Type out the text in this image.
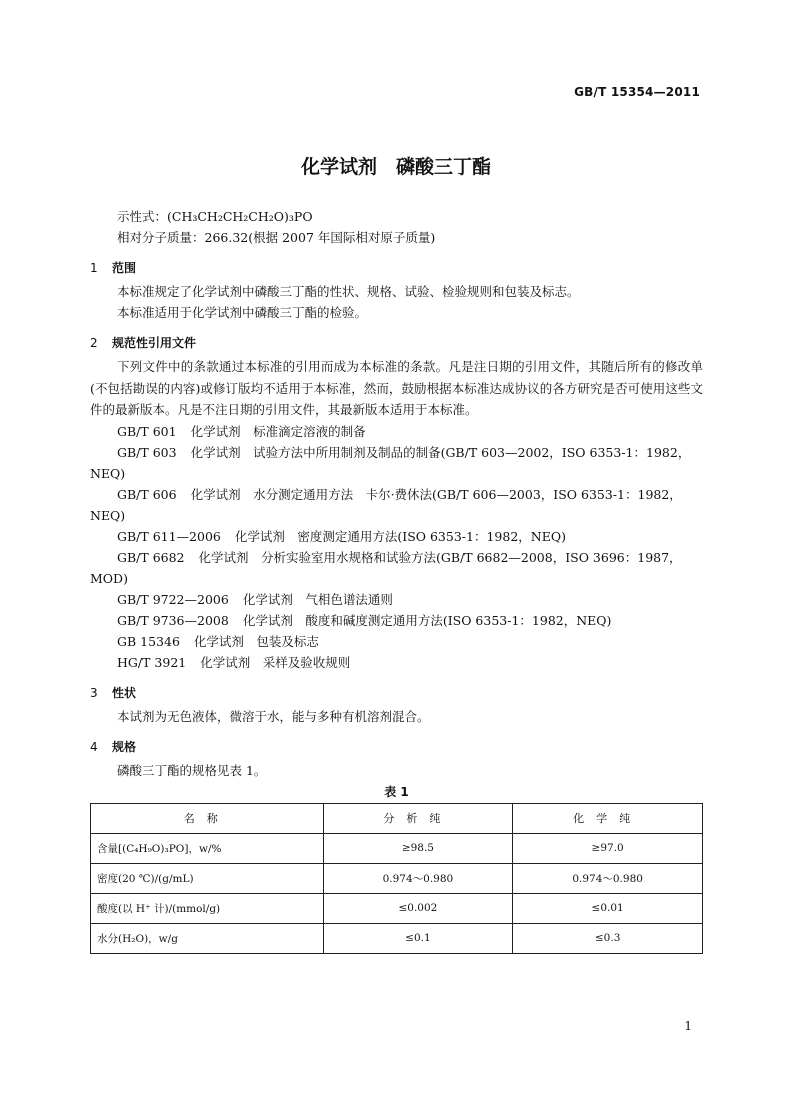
GB/T 15354—2011
化学试剂　磷酸三丁酯
示性式：(CH₃CH₂CH₂CH₂O)₃PO
相对分子质量：266.32(根据 2007 年国际相对原子质量)
1 范围
本标准规定了化学试剂中磷酸三丁酯的性状、规格、试验、检验规则和包装及标志。
本标准适用于化学试剂中磷酸三丁酯的检验。
2 规范性引用文件
下列文件中的条款通过本标准的引用而成为本标准的条款。凡是注日期的引用文件，其随后所有的修改单(不包括勘误的内容)或修订版均不适用于本标准，然而，鼓励根据本标准达成协议的各方研究是否可使用这些文件的最新版本。凡是不注日期的引用文件，其最新版本适用于本标准。
GB/T 601 化学试剂　标准滴定溶液的制备
GB/T 603 化学试剂　试验方法中所用制剂及制品的制备(GB/T 603—2002，ISO 6353-1：1982，
NEQ)
GB/T 606 化学试剂　水分测定通用方法　卡尔·费休法(GB/T 606—2003，ISO 6353-1：1982，
NEQ)
GB/T 611—2006 化学试剂　密度测定通用方法(ISO 6353-1：1982，NEQ)
GB/T 6682 化学试剂　分析实验室用水规格和试验方法(GB/T 6682—2008，ISO 3696：1987，
MOD)
GB/T 9722—2006 化学试剂　气相色谱法通则
GB/T 9736—2008 化学试剂　酸度和碱度测定通用方法(ISO 6353-1：1982，NEQ)
GB 15346 化学试剂　包装及标志
HG/T 3921 化学试剂　采样及验收规则
3 性状
本试剂为无色液体，微溶于水，能与多种有机溶剂混合。
4 规格
磷酸三丁酯的规格见表 1。
表 1
名称	分析纯	化学纯
含量[(C₄H₉O)₃PO]，w/%	≥98.5	≥97.0
密度(20 ℃)/(g/mL)	0.974～0.980	0.974～0.980
酸度(以 H⁺ 计)/(mmol/g)	≤0.002	≤0.01
水分(H₂O)，w/g	≤0.1	≤0.3
1
